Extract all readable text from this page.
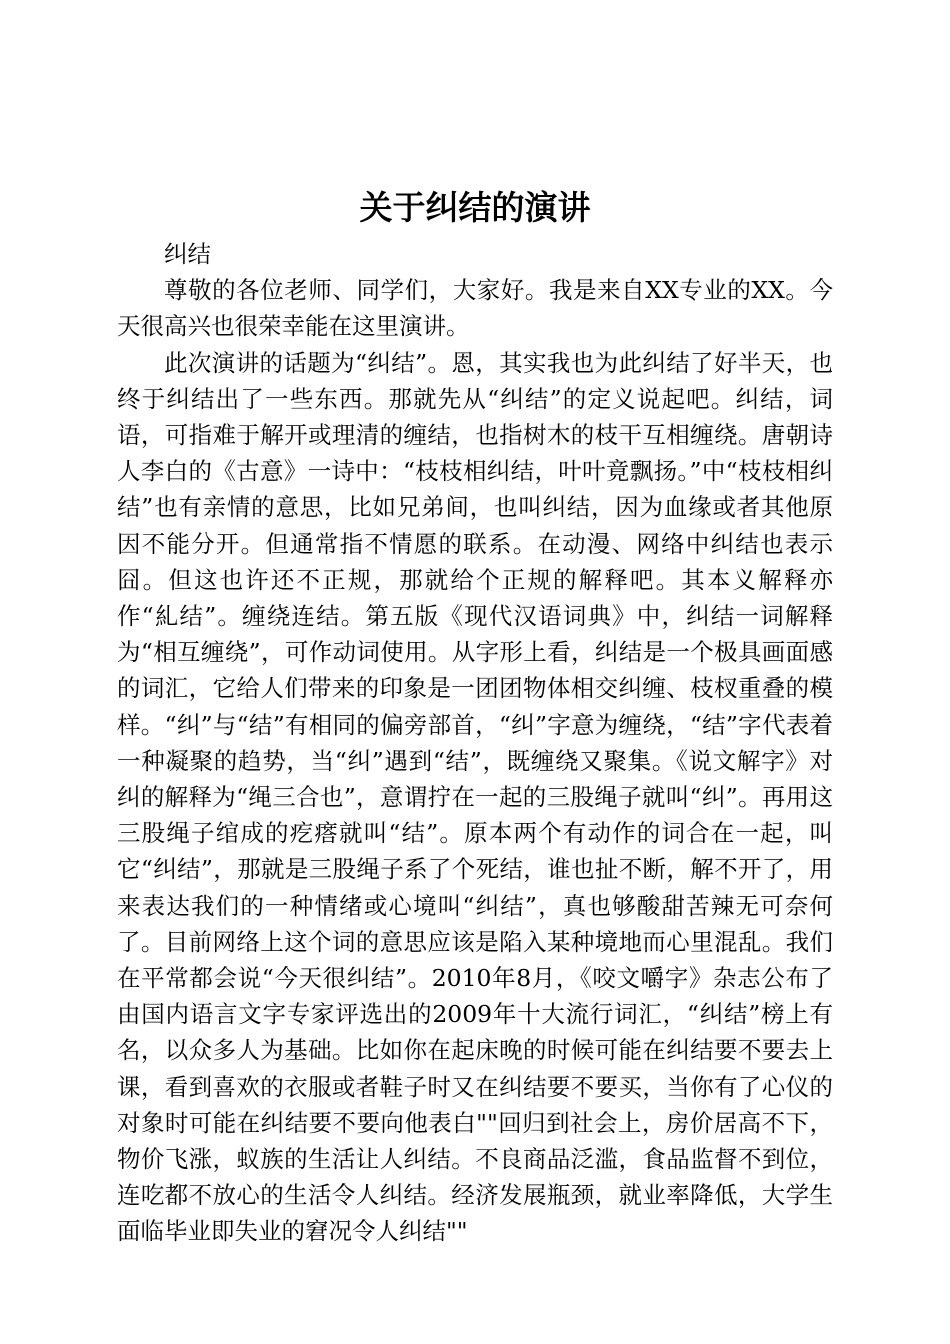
关于纠结的演讲

纠结

尊敬的各位老师、同学们，大家好。我是来自XX专业的XX。今天很高兴也很荣幸能在这里演讲。

此次演讲的话题为“纠结”。恩，其实我也为此纠结了好半天，也终于纠结出了一些东西。那就先从“纠结”的定义说起吧。纠结，词语，可指难于解开或理清的缠结，也指树木的枝干互相缠绕。唐朝诗人李白的《古意》一诗中：“枝枝相纠结，叶叶竟飘扬。”中“枝枝相纠结”也有亲情的意思，比如兄弟间，也叫纠结，因为血缘或者其他原因不能分开。但通常指不情愿的联系。在动漫、网络中纠结也表示囧。但这也许还不正规，那就给个正规的解释吧。其本义解释亦作“糺结”。缠绕连结。第五版《现代汉语词典》中，纠结一词解释为“相互缠绕”，可作动词使用。从字形上看，纠结是一个极具画面感的词汇，它给人们带来的印象是一团团物体相交纠缠、枝杈重叠的模样。“纠”与“结”有相同的偏旁部首，“纠”字意为缠绕，“结”字代表着一种凝聚的趋势，当“纠”遇到“结”，既缠绕又聚集。《说文解字》对纠的解释为“绳三合也”，意谓拧在一起的三股绳子就叫“纠”。再用这三股绳子绾成的疙瘩就叫“结”。原本两个有动作的词合在一起，叫它“纠结”，那就是三股绳子系了个死结，谁也扯不断，解不开了，用来表达我们的一种情绪或心境叫“纠结”，真也够酸甜苦辣无可奈何了。目前网络上这个词的意思应该是陷入某种境地而心里混乱。我们在平常都会说“今天很纠结”。2010年8月，《咬文嚼字》杂志公布了由国内语言文字专家评选出的2009年十大流行词汇，“纠结”榜上有名，以众多人为基础。比如你在起床晚的时候可能在纠结要不要去上课，看到喜欢的衣服或者鞋子时又在纠结要不要买，当你有了心仪的对象时可能在纠结要不要向他表白""回归到社会上，房价居高不下，物价飞涨，蚁族的生活让人纠结。不良商品泛滥，食品监督不到位，连吃都不放心的生活令人纠结。经济发展瓶颈，就业率降低，大学生面临毕业即失业的窘况令人纠结""
